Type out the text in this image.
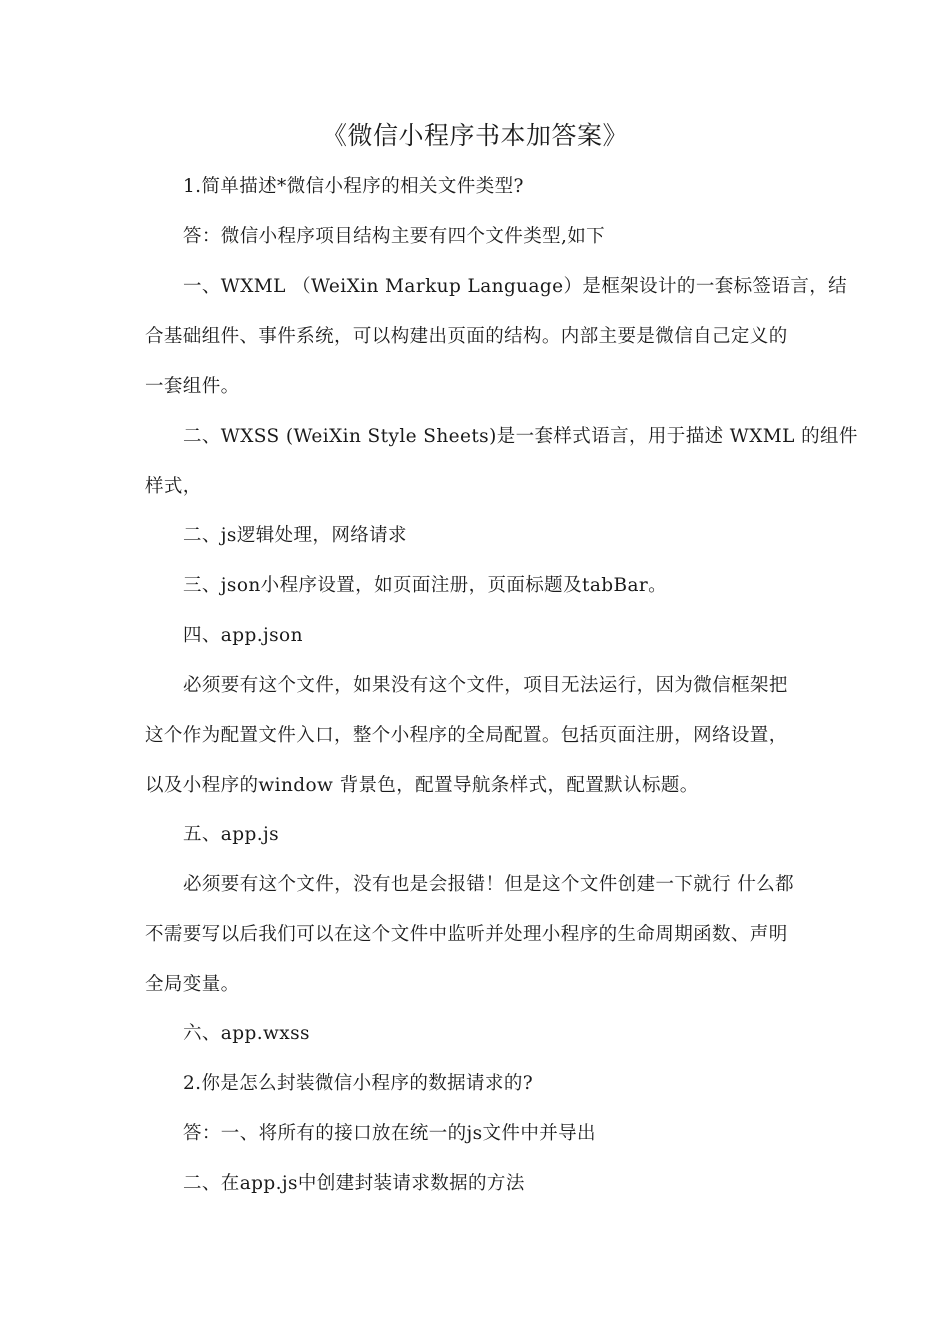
《微信小程序书本加答案》
1.简单描述*微信小程序的相关文件类型?
答：微信小程序项目结构主要有四个文件类型,如下
一、WXML （WeiXin Markup Language）是框架设计的一套标签语言，结
合基础组件、事件系统，可以构建出页面的结构。内部主要是微信自己定义的
一套组件。
二、WXSS (WeiXin Style Sheets)是一套样式语言，用于描述 WXML 的组件
样式，
二、js逻辑处理，网络请求
三、json小程序设置，如页面注册，页面标题及tabBar。
四、app.json
必须要有这个文件，如果没有这个文件，项目无法运行，因为微信框架把
这个作为配置文件入口，整个小程序的全局配置。包括页面注册，网络设置，
以及小程序的window 背景色，配置导航条样式，配置默认标题。
五、app.js
必须要有这个文件，没有也是会报错！但是这个文件创建一下就行 什么都
不需要写以后我们可以在这个文件中监听并处理小程序的生命周期函数、声明
全局变量。
六、app.wxss
2.你是怎么封装微信小程序的数据请求的?
答：一、将所有的接口放在统一的js文件中并导出
二、在app.js中创建封装请求数据的方法
